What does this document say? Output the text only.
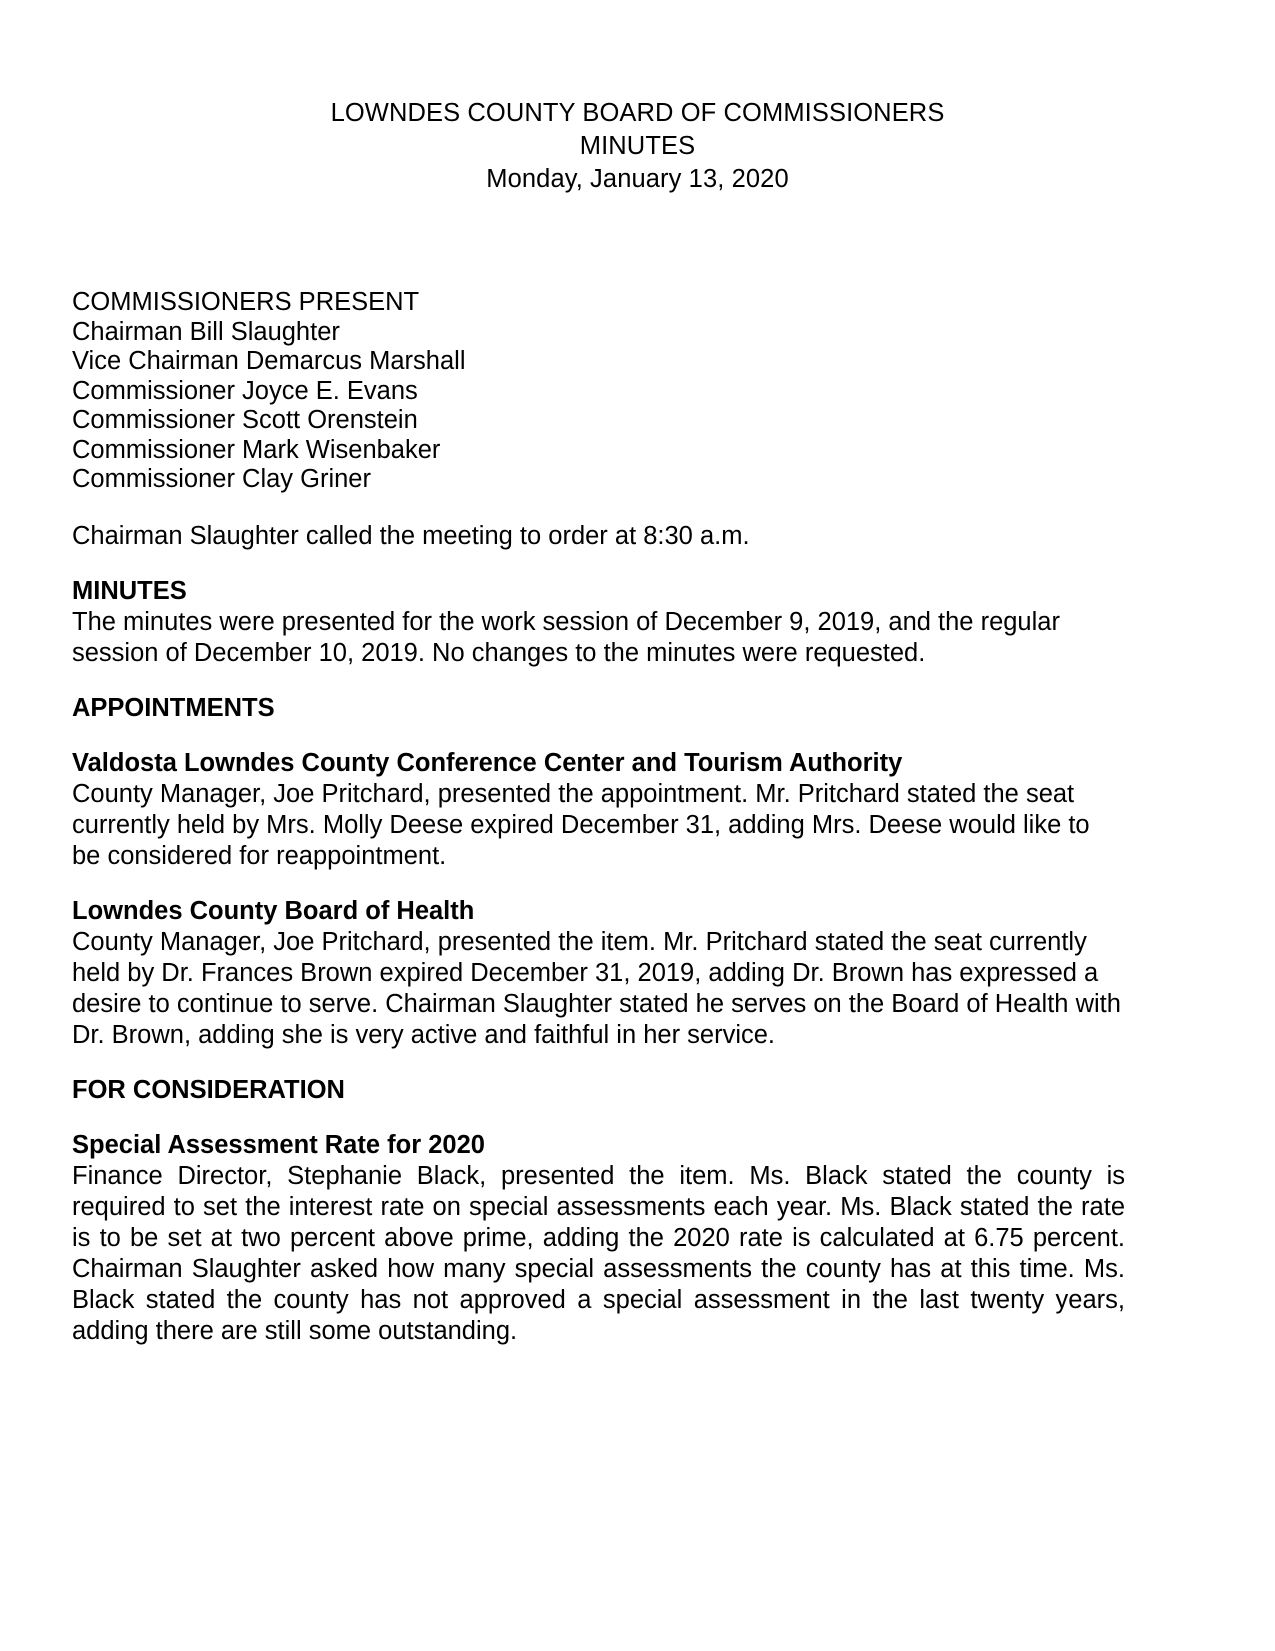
LOWNDES COUNTY BOARD OF COMMISSIONERS
MINUTES
Monday, January 13, 2020
COMMISSIONERS PRESENT
Chairman Bill Slaughter
Vice Chairman Demarcus Marshall
Commissioner Joyce E. Evans
Commissioner Scott Orenstein
Commissioner Mark Wisenbaker
Commissioner Clay Griner

Chairman Slaughter called the meeting to order at 8:30 a.m.

MINUTES

The minutes were presented for the work session of December 9, 2019, and the regular session of December 10, 2019. No changes to the minutes were requested.

APPOINTMENTS

Valdosta Lowndes County Conference Center and Tourism Authority

County Manager, Joe Pritchard, presented the appointment. Mr. Pritchard stated the seat currently held by Mrs. Molly Deese expired December 31, adding Mrs. Deese would like to be considered for reappointment.

Lowndes County Board of Health

County Manager, Joe Pritchard, presented the item. Mr. Pritchard stated the seat currently held by Dr. Frances Brown expired December 31, 2019, adding Dr. Brown has expressed a desire to continue to serve. Chairman Slaughter stated he serves on the Board of Health with Dr. Brown, adding she is very active and faithful in her service.

FOR CONSIDERATION

Special Assessment Rate for 2020

Finance Director, Stephanie Black, presented the item. Ms. Black stated the county is required to set the interest rate on special assessments each year. Ms. Black stated the rate is to be set at two percent above prime, adding the 2020 rate is calculated at 6.75 percent. Chairman Slaughter asked how many special assessments the county has at this time. Ms. Black stated the county has not approved a special assessment in the last twenty years, adding there are still some outstanding.
